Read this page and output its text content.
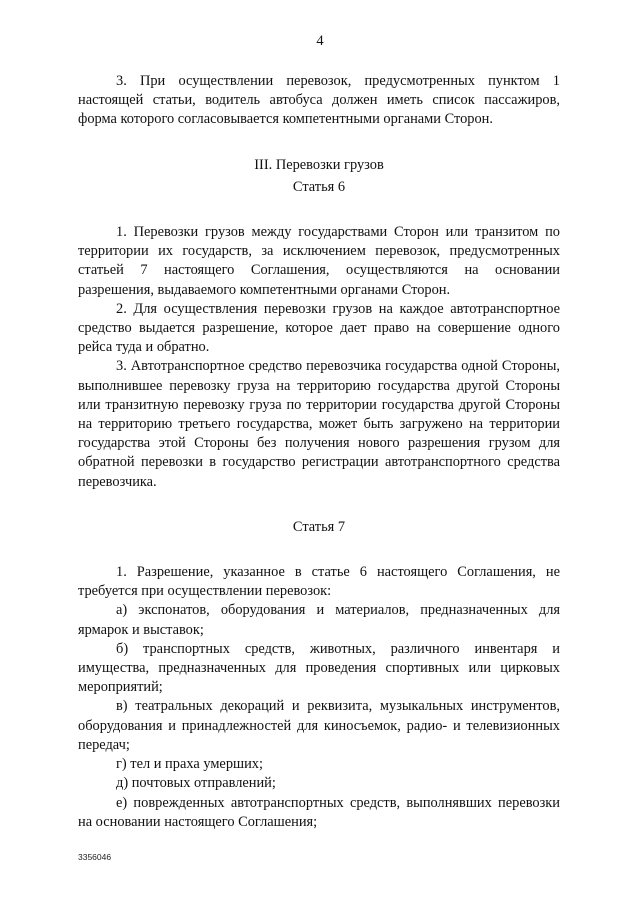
4

3. При осуществлении перевозок, предусмотренных пунктом 1 настоящей статьи, водитель автобуса должен иметь список пассажиров, форма которого согласовывается компетентными органами Сторон.

III. Перевозки грузов

Статья 6

1. Перевозки грузов между государствами Сторон или транзитом по территории их государств, за исключением перевозок, предусмотренных статьей 7 настоящего Соглашения, осуществляются на основании разрешения, выдаваемого компетентными органами Сторон.

2. Для осуществления перевозки грузов на каждое автотранспортное средство выдается разрешение, которое дает право на совершение одного рейса туда и обратно.

3. Автотранспортное средство перевозчика государства одной Стороны, выполнившее перевозку груза на территорию государства другой Стороны или транзитную перевозку груза по территории государства другой Стороны на территорию третьего государства, может быть загружено на территории государства этой Стороны без получения нового разрешения грузом для обратной перевозки в государство регистрации автотранспортного средства перевозчика.

Статья 7

1. Разрешение, указанное в статье 6 настоящего Соглашения, не требуется при осуществлении перевозок:

а) экспонатов, оборудования и материалов, предназначенных для ярмарок и выставок;

б) транспортных средств, животных, различного инвентаря и имущества, предназначенных для проведения спортивных или цирковых мероприятий;

в) театральных декораций и реквизита, музыкальных инструментов, оборудования и принадлежностей для киносъемок, радио- и телевизионных передач;

г) тел и праха умерших;

д) почтовых отправлений;

е) поврежденных автотранспортных средств, выполнявших перевозки на основании настоящего Соглашения;

3356046
